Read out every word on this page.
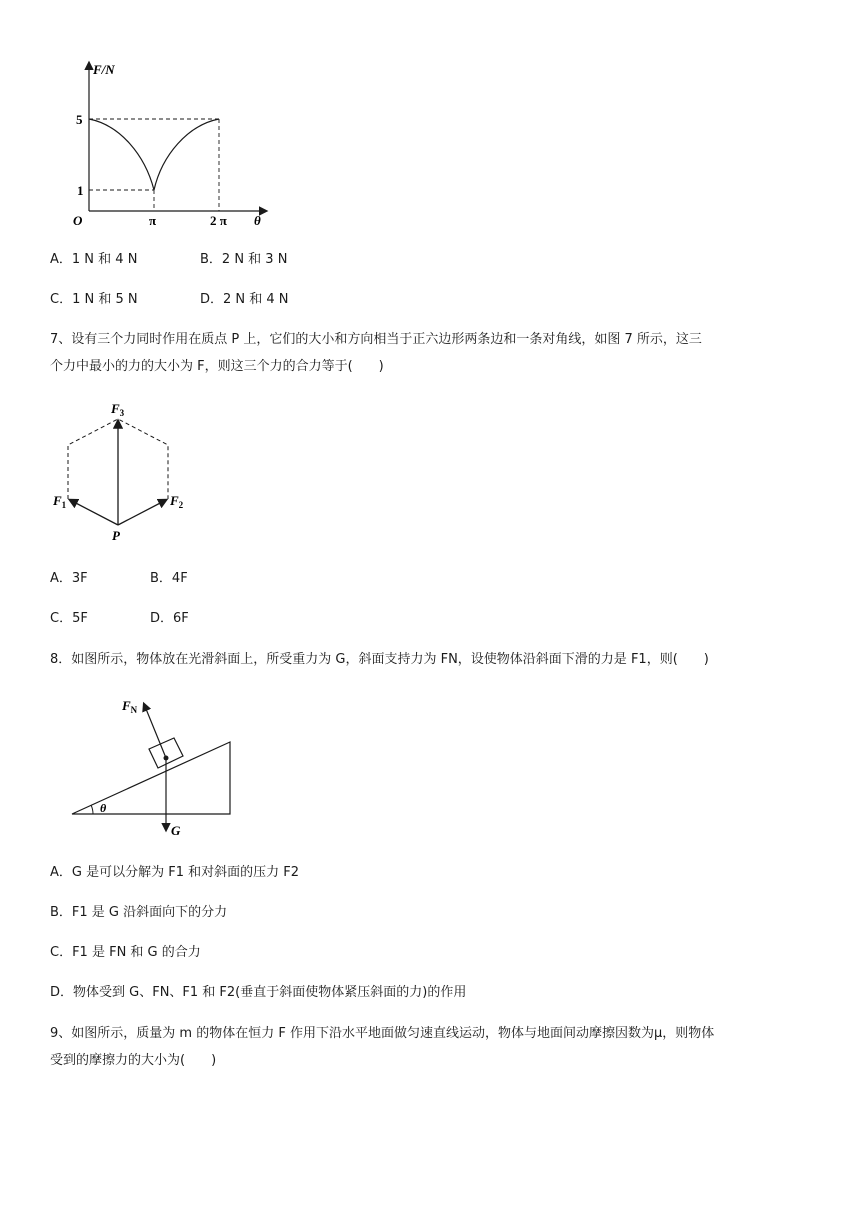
F/N
O
5
1
π	2 π θ
A．1 N 和 4 N	B．2 N 和 3 N
C．1 N 和 5 N	D．2 N 和 4 N
7、设有三个力同时作用在质点 P 上，它们的大小和方向相当于正六边形两条边和一条对角线，如图 7 所示，这三
个力中最小的力的大小为 F，则这三个力的合力等于(　　)
$F_3$
$F_1$	$F_2$
P
A．3F	B．4F
C．5F	D．6F
8．如图所示，物体放在光滑斜面上，所受重力为 G，斜面支持力为 FN，设使物体沿斜面下滑的力是 F1，则(　　)
θ
$F_N$
G
A．G 是可以分解为 F1 和对斜面的压力 F2
B．F1 是 G 沿斜面向下的分力
C．F1 是 FN 和 G 的合力
D．物体受到 G、FN、F1 和 F2(垂直于斜面使物体紧压斜面的力)的作用
9、如图所示，质量为 m 的物体在恒力 F 作用下沿水平地面做匀速直线运动，物体与地面间动摩擦因数为μ，则物体
受到的摩擦力的大小为(　　)
